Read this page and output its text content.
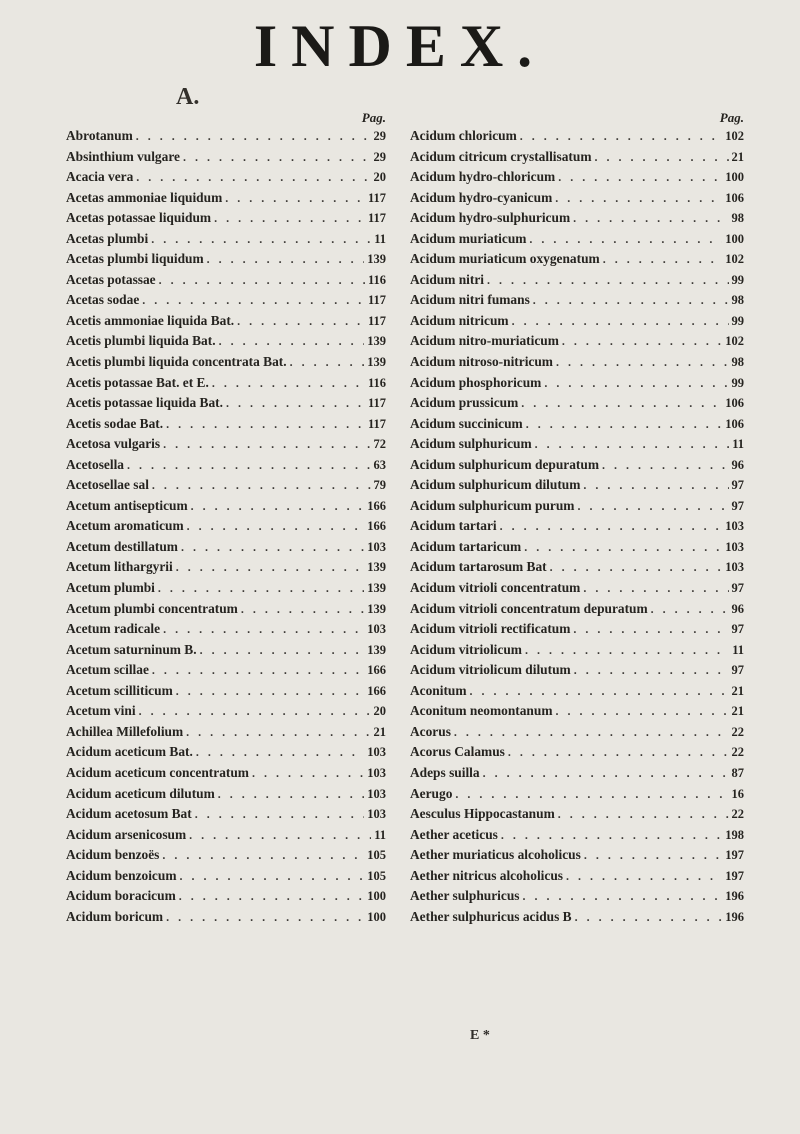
INDEX.
A.
Pag.
Abrotanum . . .	29
Absinthium vulgare . . .	29
Acacia vera . . .	20
Acetas ammoniae liquidum . . .	117
Acetas potassae liquidum . . .	117
Acetas plumbi . . .	11
Acetas plumbi liquidum . . .	139
Acetas potassae . . .	116
Acetas sodae . . .	117
Acetis ammoniae liquida Bat. . . .	117
Acetis plumbi liquida Bat. . . .	139
Acetis plumbi liquida concentrata Bat. . . .	139
Acetis potassae Bat. et E. . . .	116
Acetis potassae liquida Bat. . . .	117
Acetis sodae Bat. . . .	117
Acetosa vulgaris . . .	72
Acetosella . . .	63
Acetosellae sal . . .	79
Acetum antisepticum . . .	166
Acetum aromaticum . . .	166
Acetum destillatum . . .	103
Acetum lithargyrii . . .	139
Acetum plumbi . . .	139
Acetum plumbi concentratum . . .	139
Acetum radicale . . .	103
Acetum saturninum B. . . .	139
Acetum scillae . . .	166
Acetum scilliticum . . .	166
Acetum vini . . .	20
Achillea Millefolium . . .	21
Acidum aceticum Bat. . . .	103
Acidum aceticum concentratum . . .	103
Acidum aceticum dilutum . . .	103
Acidum acetosum Bat . . .	103
Acidum arsenicosum . . .	11
Acidum benzoës . . .	105
Acidum benzoicum . . .	105
Acidum boracicum . . .	100
Acidum boricum . . .	100
Pag.
Acidum chloricum . . .	102
Acidum citricum crystallisatum . . .	21
Acidum hydro-chloricum . . .	100
Acidum hydro-cyanicum . . .	106
Acidum hydro-sulphuricum . . .	98
Acidum muriaticum . . .	100
Acidum muriaticum oxygenatum . . .	102
Acidum nitri . . .	99
Acidum nitri fumans . . .	98
Acidum nitricum . . .	99
Acidum nitro-muriaticum . . .	102
Acidum nitroso-nitricum . . .	98
Acidum phosphoricum . . .	99
Acidum prussicum . . .	106
Acidum succinicum . . .	106
Acidum sulphuricum . . .	11
Acidum sulphuricum depuratum . . .	96
Acidum sulphuricum dilutum . . .	97
Acidum sulphuricum purum . . .	97
Acidum tartari . . .	103
Acidum tartaricum . . .	103
Acidum tartarosum Bat . . .	103
Acidum vitrioli concentratum . . .	97
Acidum vitrioli concentratum depuratum . . .	96
Acidum vitrioli rectificatum . . .	97
Acidum vitriolicum . . .	11
Acidum vitriolicum dilutum . . .	97
Aconitum . . .	21
Aconitum neomontanum . . .	21
Acorus . . .	22
Acorus Calamus . . .	22
Adeps suilla . . .	87
Aerugo . . .	16
Aesculus Hippocastanum . . .	22
Aether aceticus . . .	198
Aether muriaticus alcoholicus . . .	197
Aether nitricus alcoholicus . . .	197
Aether sulphuricus . . .	196
Aether sulphuricus acidus B . . .	196
E *
